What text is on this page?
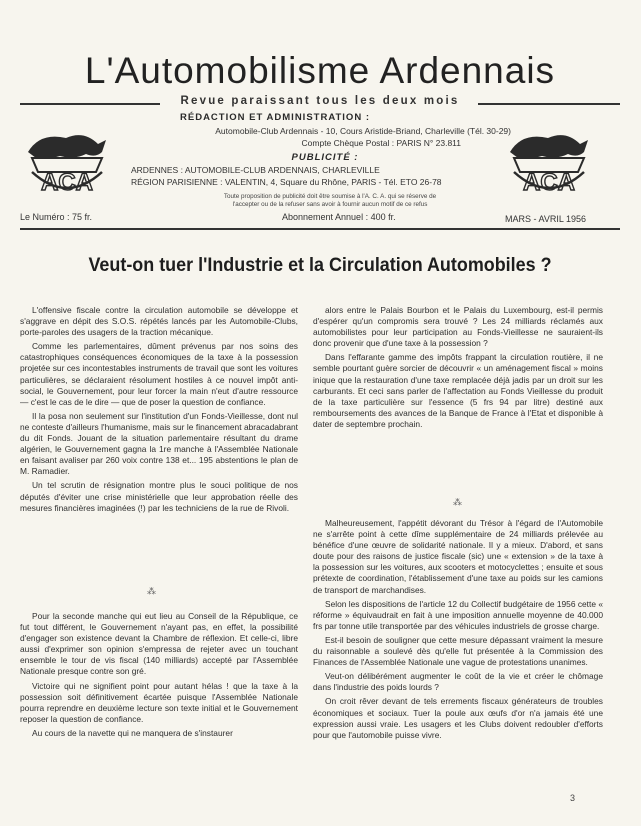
L'Automobilisme Ardennais
Revue paraissant tous les deux mois
ACA	ACA
RÉDACTION ET ADMINISTRATION :
Automobile-Club Ardennais - 10, Cours Aristide-Briand, Charleville (Tél. 30-29)
Compte Chèque Postal : PARIS N° 23.811
PUBLICITÉ :
ARDENNES : AUTOMOBILE-CLUB ARDENNAIS, CHARLEVILLE
RÉGION PARISIENNE : VALENTIN, 4, Square du Rhône, PARIS - Tél. ETO 26-78
Toute proposition de publicité doit être soumise à l'A. C. A. qui se réserve de
l'accepter ou de la refuser sans avoir à fournir aucun motif de ce refus
Le Numéro : 75 fr.	Abonnement Annuel : 400 fr.	MARS - AVRIL 1956
Veut-on tuer l'Industrie et la Circulation Automobiles ?

L'offensive fiscale contre la circulation automobile se développe et s'aggrave en dépit des S.O.S. répétés lancés par les Automobile-Clubs, porte-paroles des usagers de la traction mécanique.

Comme les parlementaires, dûment prévenus par nos soins des catastrophiques conséquences économiques de la taxe à la possession projetée sur ces incontestables instruments de travail que sont les voitures particulières, se déclaraient résolument hostiles à ce nouvel impôt anti-social, le Gouvernement, pour leur forcer la main n'eut d'autre ressource — c'est le cas de le dire — que de poser la question de confiance.

Il la posa non seulement sur l'institution d'un Fonds-Vieillesse, dont nul ne conteste d'ailleurs l'humanisme, mais sur le financement abracadabrant du dit Fonds. Jouant de la situation parlementaire résultant du drame algérien, le Gouvernement gagna la 1re manche à l'Assemblée Nationale en faisant avaliser par 260 voix contre 138 et... 195 abstentions le plan de M. Ramadier.

Un tel scrutin de résignation montre plus le souci politique de nos députés d'éviter une crise ministérielle que leur approbation réelle des mesures financières imaginées (!) par les techniciens de la rue de Rivoli.

⁂

Pour la seconde manche qui eut lieu au Conseil de la République, ce fut tout différent, le Gouvernement n'ayant pas, en effet, la possibilité d'engager son existence devant la Chambre de réflexion. Et celle-ci, libre aussi d'exprimer son opinion s'empressa de rejeter avec un touchant ensemble le tour de vis fiscal (140 milliards) accepté par l'Assemblée Nationale presque contre son gré.

Victoire qui ne signifient point pour autant hélas ! que la taxe à la possession soit définitivement écartée puisque l'Assemblée Nationale pourra reprendre en deuxième lecture son texte initial et le Gouvernement reposer la question de confiance.

Au cours de la navette qui ne manquera de s'instaurer

alors entre le Palais Bourbon et le Palais du Luxembourg, est-il permis d'espérer qu'un compromis sera trouvé ? Les 24 milliards réclamés aux automobilistes pour leur participation au Fonds-Vieillesse ne sauraient-ils donc provenir que d'une taxe à la possession ?

Dans l'effarante gamme des impôts frappant la circulation routière, il ne semble pourtant guère sorcier de découvrir « un aménagement fiscal » moins inique que la restauration d'une taxe remplacée déjà jadis par un droit sur les carburants. Et ceci sans parler de l'affectation au Fonds Vieillesse du produit de la taxe particulière sur l'essence (5 frs 94 par litre) destiné aux remboursements des avances de la Banque de France à l'Etat et disponible à dater de septembre prochain.

⁂

Malheureusement, l'appétit dévorant du Trésor à l'égard de l'Automobile ne s'arrête point à cette dîme supplémentaire de 24 milliards prélevée au bénéfice d'une œuvre de solidarité nationale. Il y a mieux. D'abord, et sans doute pour des raisons de justice fiscale (sic) une « extension » de la taxe à la possession sur les voitures, aux scooters et motocyclettes ; ensuite et sous prétexte de coordination, l'établissement d'une taxe au poids sur les camions de transport de marchandises.

Selon les dispositions de l'article 12 du Collectif budgétaire de 1956 cette « réforme » équivaudrait en fait à une imposition annuelle moyenne de 40.000 frs par tonne utile transportée par des véhicules industriels de grosse charge.

Est-il besoin de souligner que cette mesure dépassant vraiment la mesure du raisonnable a soulevé dès qu'elle fut présentée à la Commission des Finances de l'Assemblée Nationale une vague de protestations unanimes.

Veut-on délibérément augmenter le coût de la vie et créer le chômage dans l'industrie des poids lourds ?

On croit rêver devant de tels errements fiscaux générateurs de troubles économiques et sociaux. Tuer la poule aux œufs d'or n'a jamais été une expression aussi vraie. Les usagers et les Clubs doivent redoubler d'efforts pour que l'automobile puisse vivre.

3
